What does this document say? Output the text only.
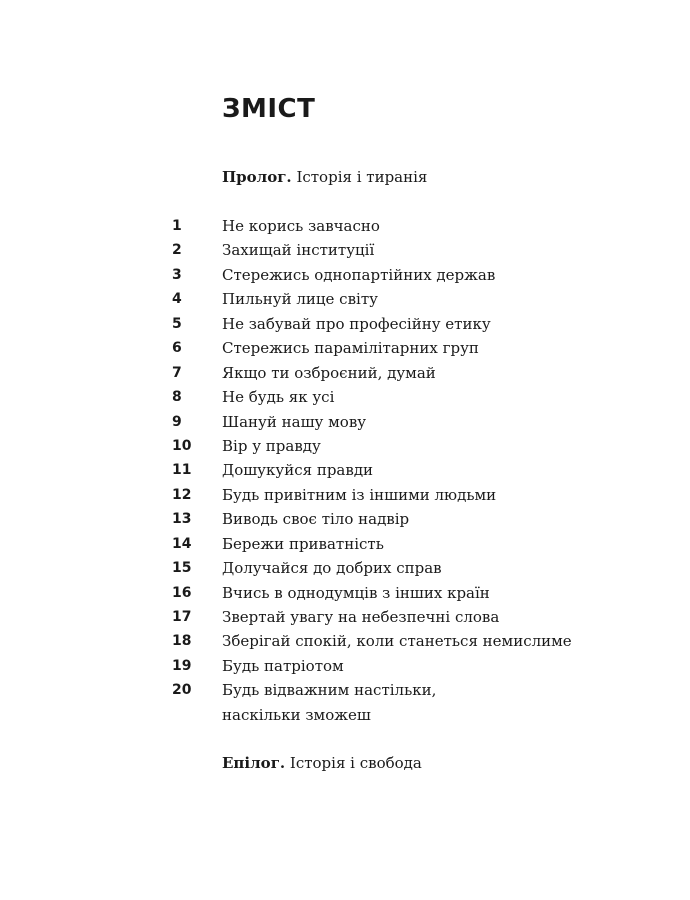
ЗМІСТ
Пролог. Історія і тиранія
1	Не корись завчасно
2	Захищай інституції
3	Стережись однопартійних держав
4	Пильнуй лице світу
5	Не забувай про професійну етику
6	Стережись парамілітарних груп
7	Якщо ти озброєний, думай
8	Не будь як усі
9	Шануй нашу мову
10 Вір у правду
11 Дошукуйся правди
12 Будь привітним із іншими людьми
13 Виводь своє тіло надвір
14 Бережи приватність
15 Долучайся до добрих справ
16 Вчись в однодумців з інших країн
17 Звертай увагу на небезпечні слова
18 Зберігай спокій, коли станеться немислиме
19 Будь патріотом
20 Будь відважним настільки,
наскільки зможеш
Епілог. Історія і свобода
